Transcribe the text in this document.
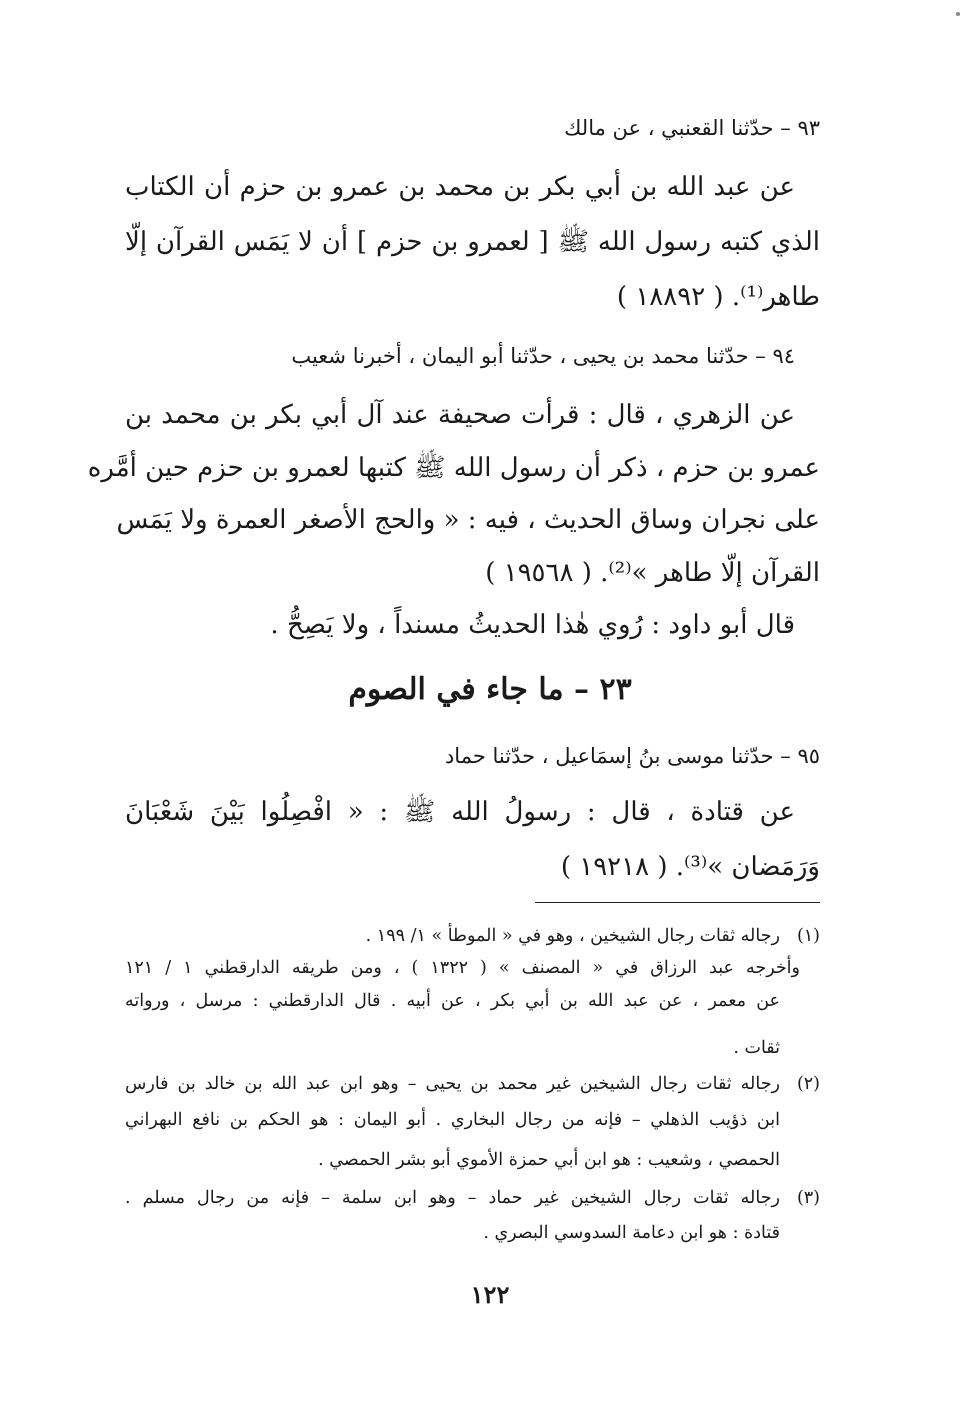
٩٣ – حدّثنا القعنبي ، عن مالك

عن عبد الله بن أبي بكر بن محمد بن عمرو بن حزم أن الكتاب

الذي كتبه رسول الله ﷺ [ لعمرو بن حزم ] أن لا يَمَس القرآن إلّا

طاهر⁽¹⁾. ( ١٨٨٩٢ )

٩٤ – حدّثنا محمد بن يحيى ، حدّثنا أبو اليمان ، أخبرنا شعيب

عن الزهري ، قال : قرأت صحيفة عند آل أبي بكر بن محمد بن

عمرو بن حزم ، ذكر أن رسول الله ﷺ كتبها لعمرو بن حزم حين أمَّره

على نجران وساق الحديث ، فيه : « والحج الأصغر العمرة ولا يَمَس

القرآن إلّا طاهر »⁽²⁾. ( ١٩٥٦٨ )

قال أبو داود : رُوي هٰذا الحديثُ مسنداً ، ولا يَصِحُّ .

٢٣ – ما جاء في الصوم

٩٥ – حدّثنا موسى بنُ إسمَاعيل ، حدّثنا حماد

عن قتادة ، قال : رسولُ الله ﷺ : « افْصِلُوا بَيْنَ شَعْبَانَ

وَرَمَضان »⁽³⁾. ( ١٩٢١٨ )

(١)

رجاله ثقات رجال الشيخين ، وهو في « الموطأ » ١/ ١٩٩ .

وأخرجه عبد الرزاق في « المصنف » ( ١٣٢٢ ) ، ومن طريقه الدارقطني ١ / ١٢١

عن معمر ، عن عبد الله بن أبي بكر ، عن أبيه . قال الدارقطني : مرسل ، ورواته

ثقات .

(٢)

رجاله ثقات رجال الشيخين غير محمد بن يحيى – وهو ابن عبد الله بن خالد بن فارس

ابن ذؤيب الذهلي – فإنه من رجال البخاري . أبو اليمان : هو الحكم بن نافع البهراني

الحمصي ، وشعيب : هو ابن أبي حمزة الأموي أبو بشر الحمصي .

(٣)

رجاله ثقات رجال الشيخين غير حماد – وهو ابن سلمة – فإنه من رجال مسلم .

قتادة : هو ابن دعامة السدوسي البصري .

١٢٢
